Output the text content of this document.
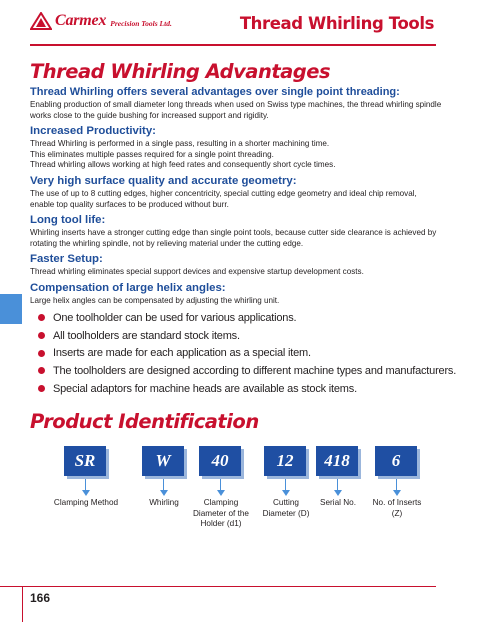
Carmex Precision Tools Ltd.	Thread Whirling Tools
Thread Whirling Advantages
Thread Whirling offers several advantages over single point threading:

Enabling production of small diameter long threads when used on Swiss type machines, the thread whirling spindle works close to the guide bushing for increased support and rigidity.

Increased Productivity:

Thread Whirling is performed in a single pass, resulting in a shorter machining time.

This eliminates multiple passes required for a single point threading.

Thread whirling allows working at high feed rates and consequently short cycle times.

Very high surface quality and accurate geometry:

The use of up to 8 cutting edges, higher concentricity, special cutting edge geometry and ideal chip removal, enable top quality surfaces to be produced without burr.

Long tool life:

Whirling inserts have a stronger cutting edge than single point tools, because cutter side clearance is achieved by rotating the whirling spindle, not by relieving material under the cutting edge.

Faster Setup:

Thread whirling eliminates special support devices and expensive startup development costs.

Compensation of large helix angles:

Large helix angles can be compensated by adjusting the whirling unit.

One toolholder can be used for various applications.
All toolholders are standard stock items.
Inserts are made for each application as a special item.
The toolholders are designed according to different machine types and manufacturers.
Special adaptors for machine heads are available as stock items.
Product Identification
SR
Clamping Method
W
Whirling
40
Clamping Diameter of the Holder (d1)
12
Cutting Diameter (D)
418
Serial No.
6
No. of Inserts (Z)
166
